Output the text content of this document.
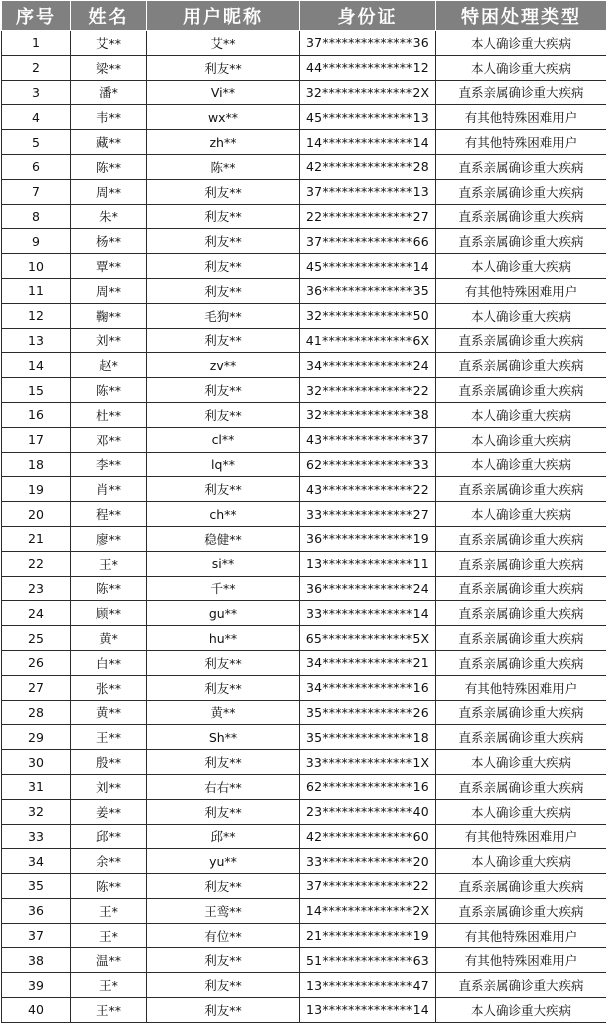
序号	姓名	用户昵称	身份证	特困处理类型
1	艾**	艾**	37**************36	本人确诊重大疾病
2	梁**	利友**	44**************12	本人确诊重大疾病
3	潘*	Vi**	32**************2X	直系亲属确诊重大疾病
4	韦**	wx**	45**************13	有其他特殊困难用户
5	藏**	zh**	14**************14	有其他特殊困难用户
6	陈**	陈**	42**************28	直系亲属确诊重大疾病
7	周**	利友**	37**************13	直系亲属确诊重大疾病
8	朱*	利友**	22**************27	直系亲属确诊重大疾病
9	杨**	利友**	37**************66	直系亲属确诊重大疾病
10	覃**	利友**	45**************14	本人确诊重大疾病
11	周**	利友**	36**************35	有其他特殊困难用户
12	鞠**	毛狗**	32**************50	本人确诊重大疾病
13	刘**	利友**	41**************6X	直系亲属确诊重大疾病
14	赵*	zv**	34**************24	直系亲属确诊重大疾病
15	陈**	利友**	32**************22	直系亲属确诊重大疾病
16	杜**	利友**	32**************38	本人确诊重大疾病
17	邓**	cl**	43**************37	本人确诊重大疾病
18	李**	lq**	62**************33	本人确诊重大疾病
19	肖**	利友**	43**************22	直系亲属确诊重大疾病
20	程**	ch**	33**************27	本人确诊重大疾病
21	廖**	稳健**	36**************19	直系亲属确诊重大疾病
22	王*	si**	13**************11	直系亲属确诊重大疾病
23	陈**	千**	36**************24	直系亲属确诊重大疾病
24	顾**	gu**	33**************14	直系亲属确诊重大疾病
25	黄*	hu**	65**************5X	直系亲属确诊重大疾病
26	白**	利友**	34**************21	直系亲属确诊重大疾病
27	张**	利友**	34**************16	有其他特殊困难用户
28	黄**	黄**	35**************26	直系亲属确诊重大疾病
29	王**	Sh**	35**************18	直系亲属确诊重大疾病
30	殷**	利友**	33**************1X	本人确诊重大疾病
31	刘**	右右**	62**************16	直系亲属确诊重大疾病
32	姜**	利友**	23**************40	本人确诊重大疾病
33	邱**	邱**	42**************60	有其他特殊困难用户
34	余**	yu**	33**************20	本人确诊重大疾病
35	陈**	利友**	37**************22	直系亲属确诊重大疾病
36	王*	王鸾**	14**************2X	直系亲属确诊重大疾病
37	王*	有位**	21**************19	有其他特殊困难用户
38	温**	利友**	51**************63	有其他特殊困难用户
39	王*	利友**	13**************47	直系亲属确诊重大疾病
40	王**	利友**	13**************14	本人确诊重大疾病
